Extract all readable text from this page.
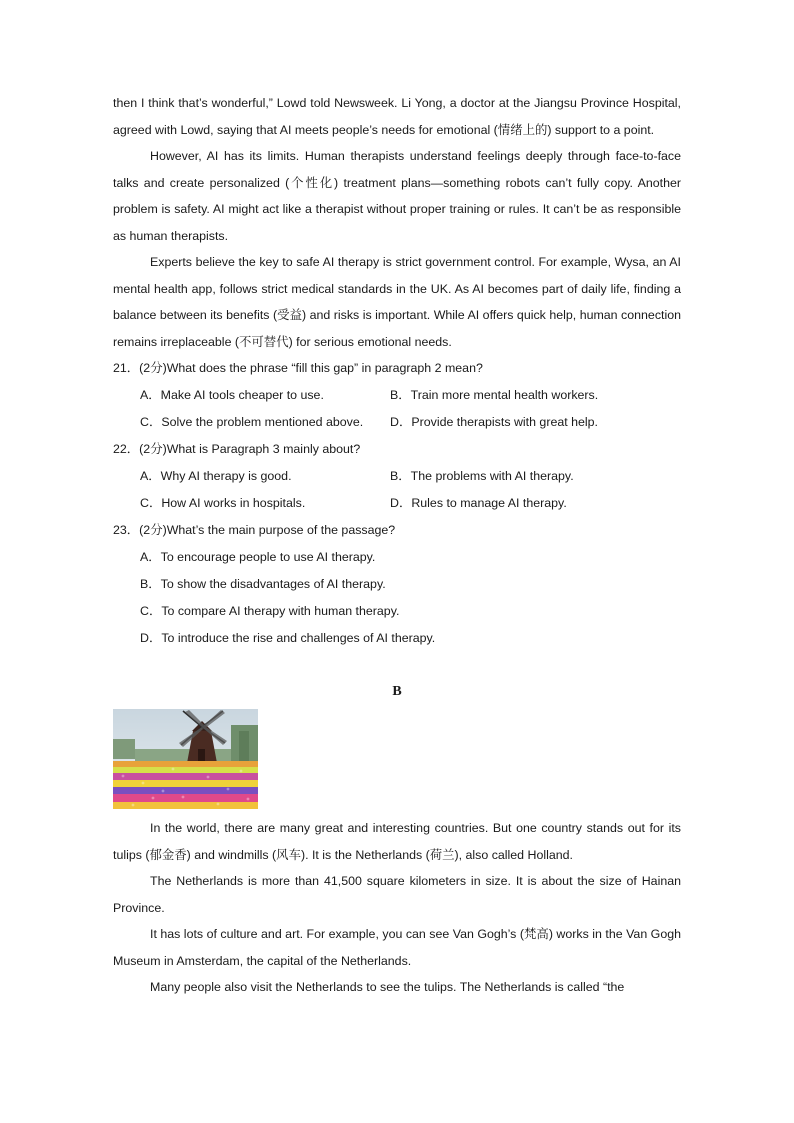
then I think that’s wonderful,” Lowd told Newsweek. Li Yong, a doctor at the Jiangsu Province Hospital, agreed with Lowd, saying that AI meets people’s needs for emotional (情绪上的) support to a point.

However, AI has its limits. Human therapists understand feelings deeply through face-to-face talks and create personalized (个性化) treatment plans—something robots can’t fully copy. Another problem is safety. AI might act like a therapist without proper training or rules. It can’t be as responsible as human therapists.

Experts believe the key to safe AI therapy is strict government control. For example, Wysa, an AI mental health app, follows strict medical standards in the UK. As AI becomes part of daily life, finding a balance between its benefits (受益) and risks is important. While AI offers quick help, human connection remains irreplaceable (不可替代) for serious emotional needs.

21．(2分)What does the phrase “fill this gap” in paragraph 2 mean?

A．Make AI tools cheaper to use.	B．Train more mental health workers.
C．Solve the problem mentioned above.	D．Provide therapists with great help.

22．(2分)What is Paragraph 3 mainly about?

A．Why AI therapy is good.	B．The problems with AI therapy.
C．How AI works in hospitals.	D．Rules to manage AI therapy.

23．(2分)What’s the main purpose of the passage?

A．To encourage people to use AI therapy.
B．To show the disadvantages of AI therapy.
C．To compare AI therapy with human therapy.
D．To introduce the rise and challenges of AI therapy.
B

In the world, there are many great and interesting countries. But one country stands out for its tulips (郁金香) and windmills (风车). It is the Netherlands (荷兰), also called Holland.

The Netherlands is more than 41,500 square kilometers in size. It is about the size of Hainan Province.

It has lots of culture and art. For example, you can see Van Gogh’s (梵高) works in the Van Gogh Museum in Amsterdam, the capital of the Netherlands.

Many people also visit the Netherlands to see the tulips. The Netherlands is called “the
